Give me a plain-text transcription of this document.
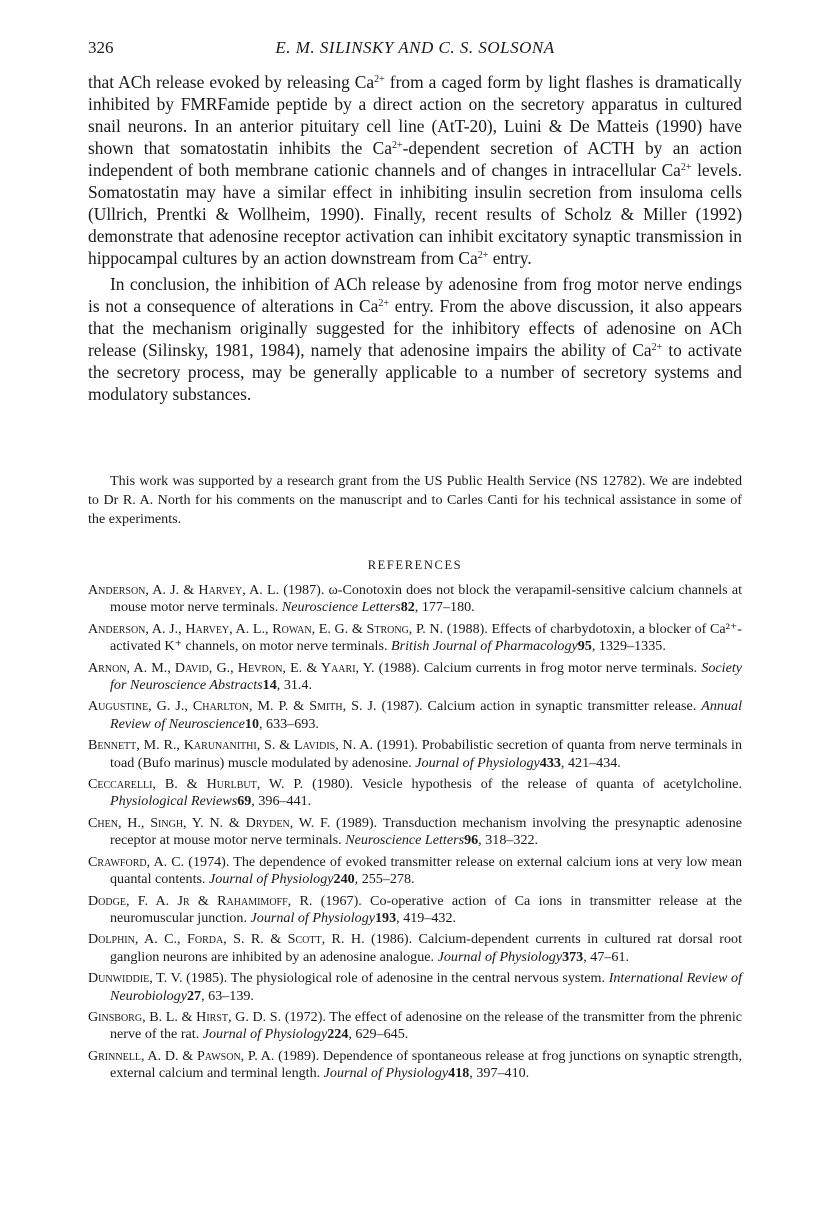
326	E. M. SILINSKY AND C. S. SOLSONA

that ACh release evoked by releasing $Ca^{2+}$ from a caged form by light flashes is dramatically inhibited by FMRFamide peptide by a direct action on the secretory apparatus in cultured snail neurons. In an anterior pituitary cell line (AtT-20), Luini & De Matteis (1990) have shown that somatostatin inhibits the $Ca^{2+}$-dependent secretion of ACTH by an action independent of both membrane cationic channels and of changes in intracellular $Ca^{2+}$ levels. Somatostatin may have a similar effect in inhibiting insulin secretion from insuloma cells (Ullrich, Prentki & Wollheim, 1990). Finally, recent results of Scholz & Miller (1992) demonstrate that adenosine receptor activation can inhibit excitatory synaptic transmission in hippocampal cultures by an action downstream from $Ca^{2+}$ entry.

In conclusion, the inhibition of ACh release by adenosine from frog motor nerve endings is not a consequence of alterations in $Ca^{2+}$ entry. From the above discussion, it also appears that the mechanism originally suggested for the inhibitory effects of adenosine on ACh release (Silinsky, 1981, 1984), namely that adenosine impairs the ability of $Ca^{2+}$ to activate the secretory process, may be generally applicable to a number of secretory systems and modulatory substances.

This work was supported by a research grant from the US Public Health Service (NS 12782). We are indebted to Dr R. A. North for his comments on the manuscript and to Carles Canti for his technical assistance in some of the experiments.

REFERENCES

Anderson, A. J. & Harvey, A. L. (1987). ω-Conotoxin does not block the verapamil-sensitive calcium channels at mouse motor nerve terminals. Neuroscience Letters82, 177–180.

Anderson, A. J., Harvey, A. L., Rowan, E. G. & Strong, P. N. (1988). Effects of charbydotoxin, a blocker of Ca²⁺-activated K⁺ channels, on motor nerve terminals. British Journal of Pharmacology95, 1329–1335.

Arnon, A. M., David, G., Hevron, E. & Yaari, Y. (1988). Calcium currents in frog motor nerve terminals. Society for Neuroscience Abstracts14, 31.4.

Augustine, G. J., Charlton, M. P. & Smith, S. J. (1987). Calcium action in synaptic transmitter release. Annual Review of Neuroscience10, 633–693.

Bennett, M. R., Karunanithi, S. & Lavidis, N. A. (1991). Probabilistic secretion of quanta from nerve terminals in toad (Bufo marinus) muscle modulated by adenosine. Journal of Physiology433, 421–434.

Ceccarelli, B. & Hurlbut, W. P. (1980). Vesicle hypothesis of the release of quanta of acetylcholine. Physiological Reviews69, 396–441.

Chen, H., Singh, Y. N. & Dryden, W. F. (1989). Transduction mechanism involving the presynaptic adenosine receptor at mouse motor nerve terminals. Neuroscience Letters96, 318–322.

Crawford, A. C. (1974). The dependence of evoked transmitter release on external calcium ions at very low mean quantal contents. Journal of Physiology240, 255–278.

Dodge, F. A. Jr & Rahamimoff, R. (1967). Co-operative action of Ca ions in transmitter release at the neuromuscular junction. Journal of Physiology193, 419–432.

Dolphin, A. C., Forda, S. R. & Scott, R. H. (1986). Calcium-dependent currents in cultured rat dorsal root ganglion neurons are inhibited by an adenosine analogue. Journal of Physiology373, 47–61.

Dunwiddie, T. V. (1985). The physiological role of adenosine in the central nervous system. International Review of Neurobiology27, 63–139.

Ginsborg, B. L. & Hirst, G. D. S. (1972). The effect of adenosine on the release of the transmitter from the phrenic nerve of the rat. Journal of Physiology224, 629–645.

Grinnell, A. D. & Pawson, P. A. (1989). Dependence of spontaneous release at frog junctions on synaptic strength, external calcium and terminal length. Journal of Physiology418, 397–410.
